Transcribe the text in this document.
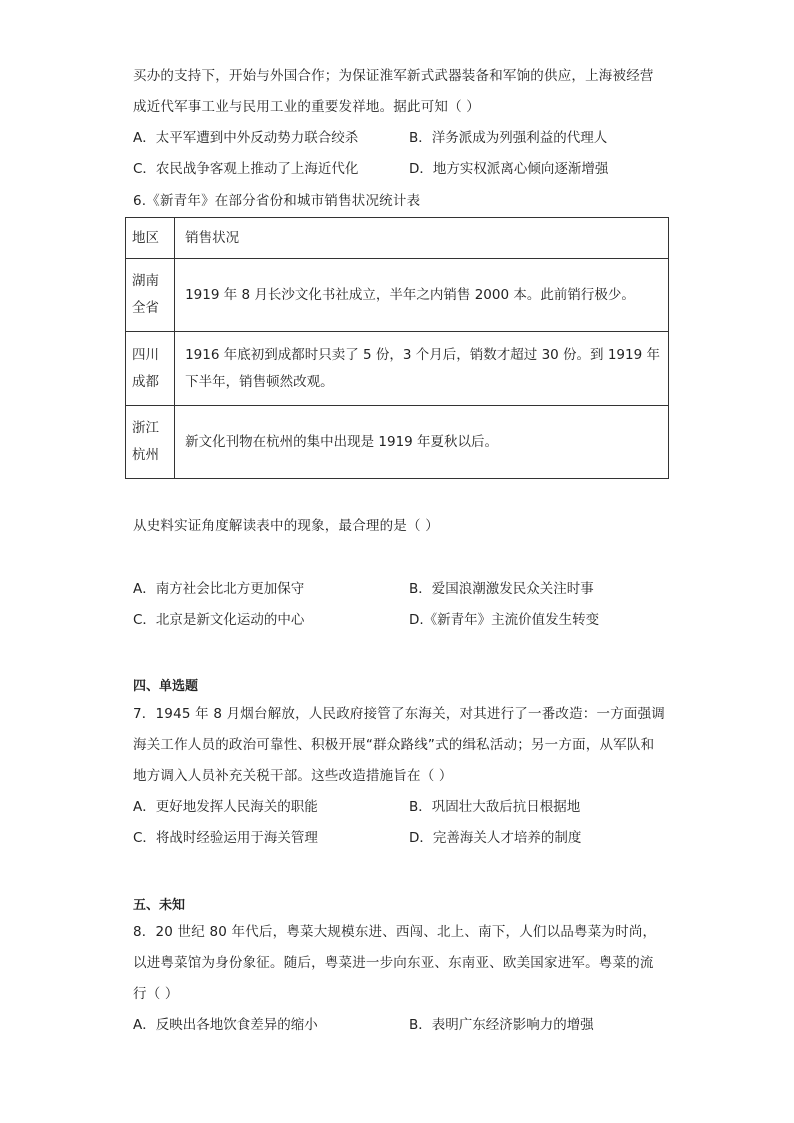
买办的支持下，开始与外国合作；为保证淮军新式武器装备和军饷的供应，上海被经营
成近代军事工业与民用工业的重要发祥地。据此可知（ ）
A．太平军遭到中外反动势力联合绞杀	B．洋务派成为列强利益的代理人
C．农民战争客观上推动了上海近代化	D．地方实权派离心倾向逐渐增强
6.《新青年》在部分省份和城市销售状况统计表
地区	销售状况
湖南全省	1919 年 8 月长沙文化书社成立，半年之内销售 2000 本。此前销行极少。
四川成都	1916 年底初到成都时只卖了 5 份，3 个月后，销数才超过 30 份。到 1919 年
下半年，销售顿然改观。

浙江杭州	新文化刊物在杭州的集中出现是 1919 年夏秋以后。
从史料实证角度解读表中的现象，最合理的是（ ）
A．南方社会比北方更加保守	B．爱国浪潮激发民众关注时事
C．北京是新文化运动的中心	D.《新青年》主流价值发生转变
四、单选题
7．1945 年 8 月烟台解放，人民政府接管了东海关，对其进行了一番改造：一方面强调
海关工作人员的政治可靠性、积极开展“群众路线”式的缉私活动；另一方面，从军队和
地方调入人员补充关税干部。这些改造措施旨在（ ）
A．更好地发挥人民海关的职能	B．巩固壮大敌后抗日根据地
C．将战时经验运用于海关管理	D．完善海关人才培养的制度
五、未知
8．20 世纪 80 年代后，粤菜大规模东进、西闯、北上、南下，人们以品粤菜为时尚，
以进粤菜馆为身份象征。随后，粤菜进一步向东亚、东南亚、欧美国家进军。粤菜的流
行（ ）
A．反映出各地饮食差异的缩小	B．表明广东经济影响力的增强
